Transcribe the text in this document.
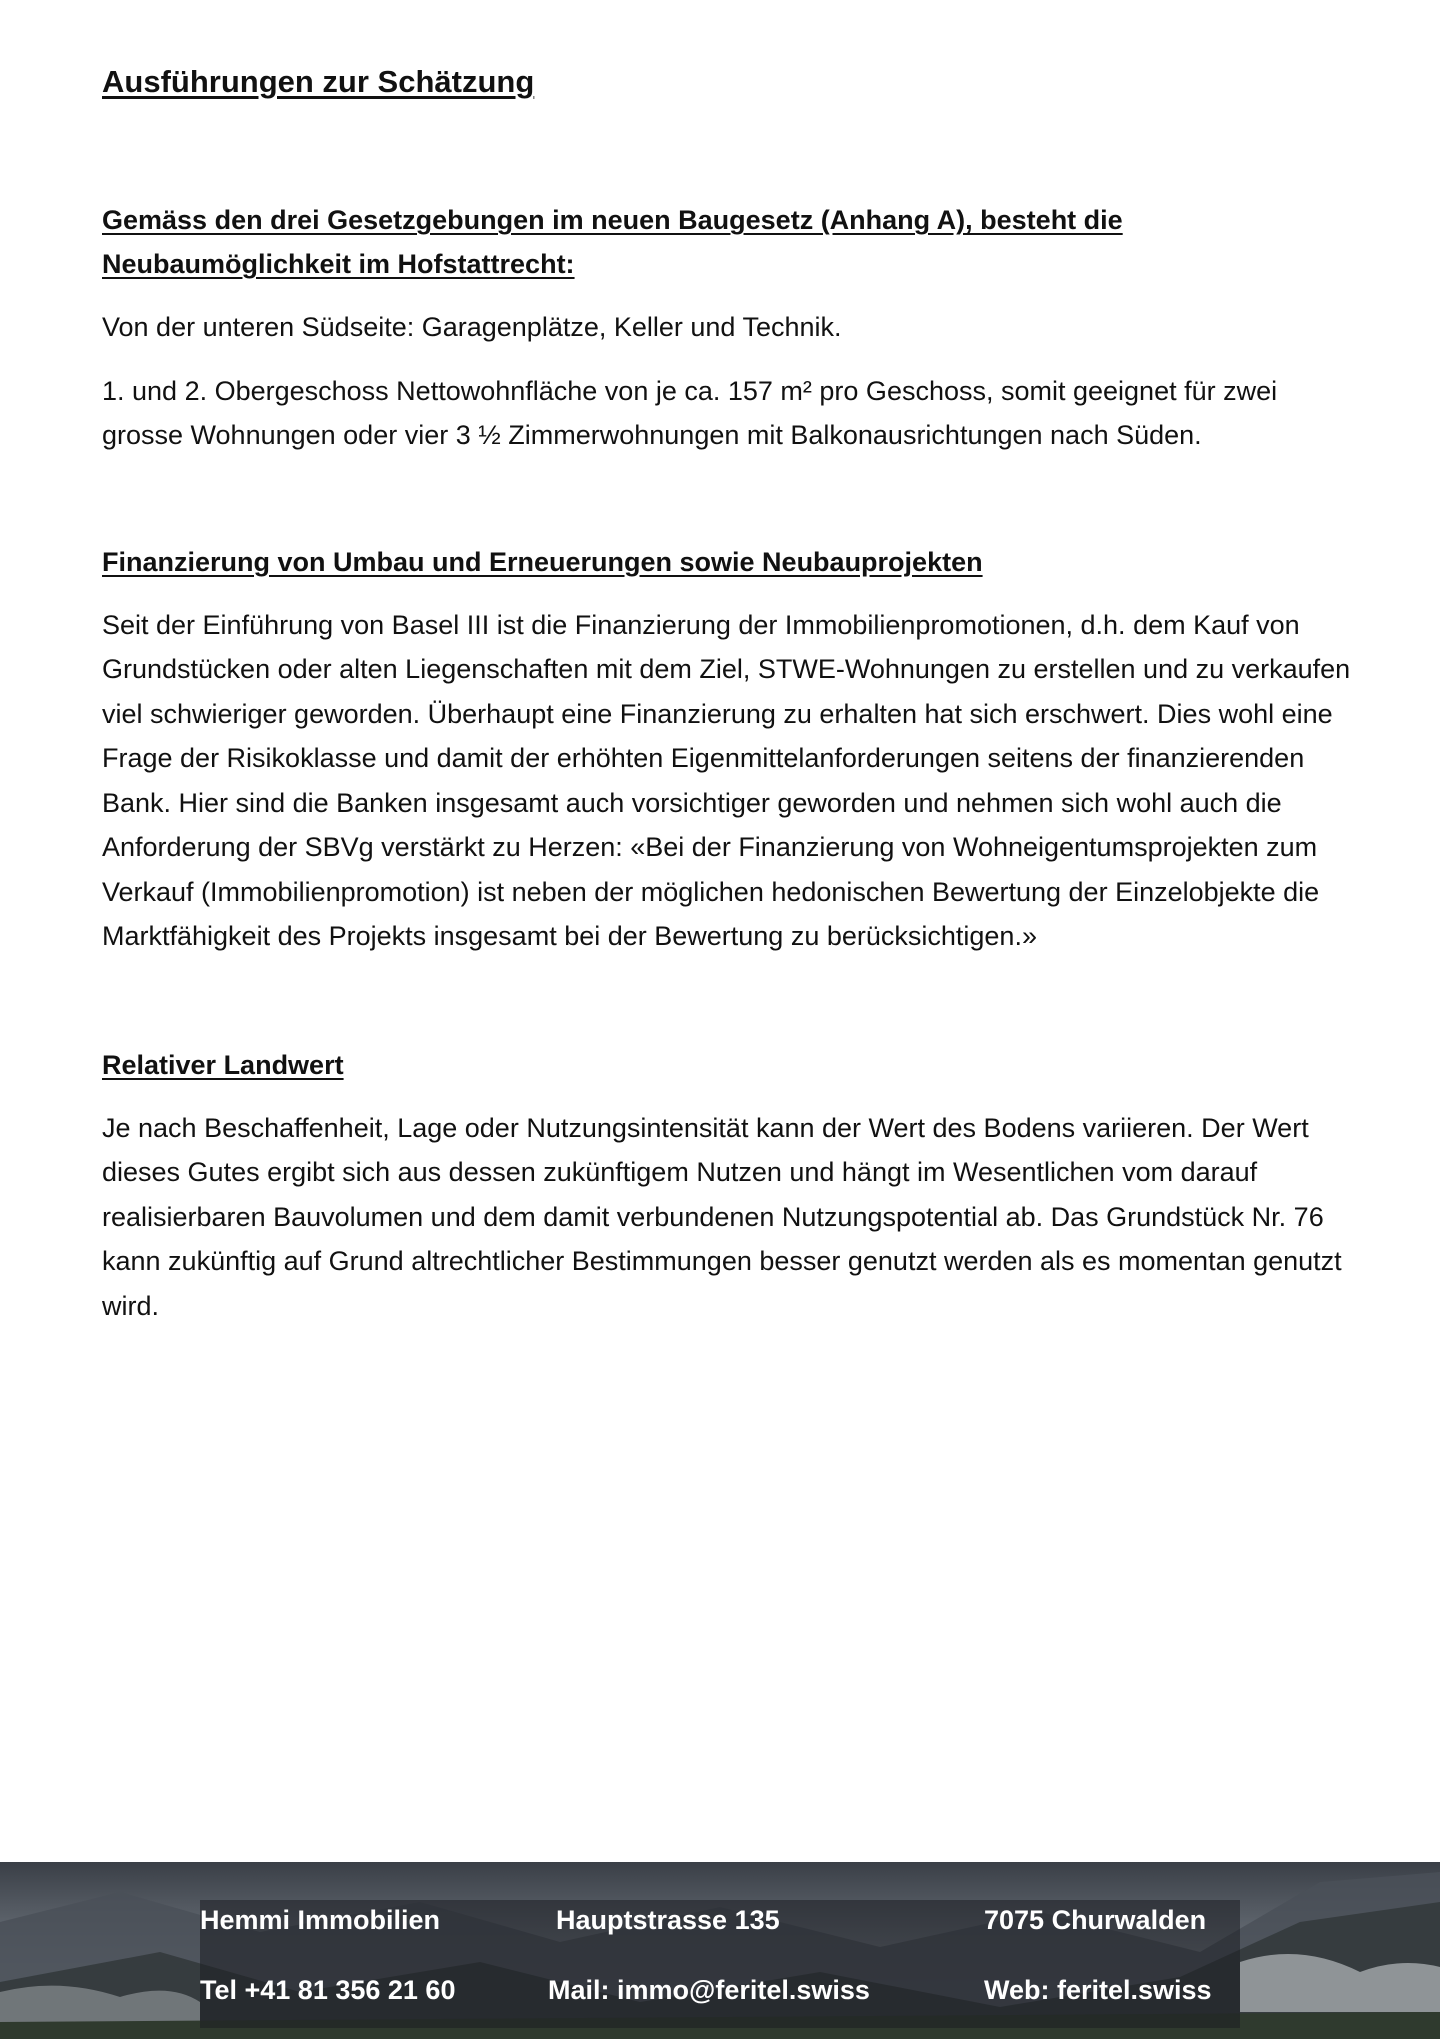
Ausführungen zur Schätzung
Gemäss den drei Gesetzgebungen im neuen Baugesetz (Anhang A), besteht die Neubaumöglichkeit im Hofstattrecht:

Von der unteren Südseite: Garagenplätze, Keller und Technik.

1. und 2. Obergeschoss Nettowohnfläche von je ca. 157 m² pro Geschoss, somit geeignet für zwei grosse Wohnungen oder vier 3 ½ Zimmerwohnungen mit Balkonausrichtungen nach Süden.

Finanzierung von Umbau und Erneuerungen sowie Neubauprojekten

Seit der Einführung von Basel III ist die Finanzierung der Immobilienpromotionen, d.h. dem Kauf von Grundstücken oder alten Liegenschaften mit dem Ziel, STWE-Wohnungen zu erstellen und zu verkaufen viel schwieriger geworden. Überhaupt eine Finanzierung zu erhalten hat sich erschwert. Dies wohl eine Frage der Risikoklasse und damit der erhöhten Eigenmittelanforderungen seitens der finanzierenden Bank. Hier sind die Banken insgesamt auch vorsichtiger geworden und nehmen sich wohl auch die Anforderung der SBVg verstärkt zu Herzen: «Bei der Finanzierung von Wohneigentumsprojekten zum Verkauf (Immobilienpromotion) ist neben der möglichen hedonischen Bewertung der Einzelobjekte die Marktfähigkeit des Projekts insgesamt bei der Bewertung zu berücksichtigen.»

Relativer Landwert

Je nach Beschaffenheit, Lage oder Nutzungsintensität kann der Wert des Bodens variieren. Der Wert dieses Gutes ergibt sich aus dessen zukünftigem Nutzen und hängt im Wesentlichen vom darauf realisierbaren Bauvolumen und dem damit verbundenen Nutzungspotential ab. Das Grundstück Nr. 76 kann zukünftig auf Grund altrechtlicher Bestimmungen besser genutzt werden als es momentan genutzt wird.

Hemmi Immobilien	Hauptstrasse 135	7075 Churwalden
Tel +41 81 356 21 60	Mail: immo@feritel.swiss	Web: feritel.swiss
